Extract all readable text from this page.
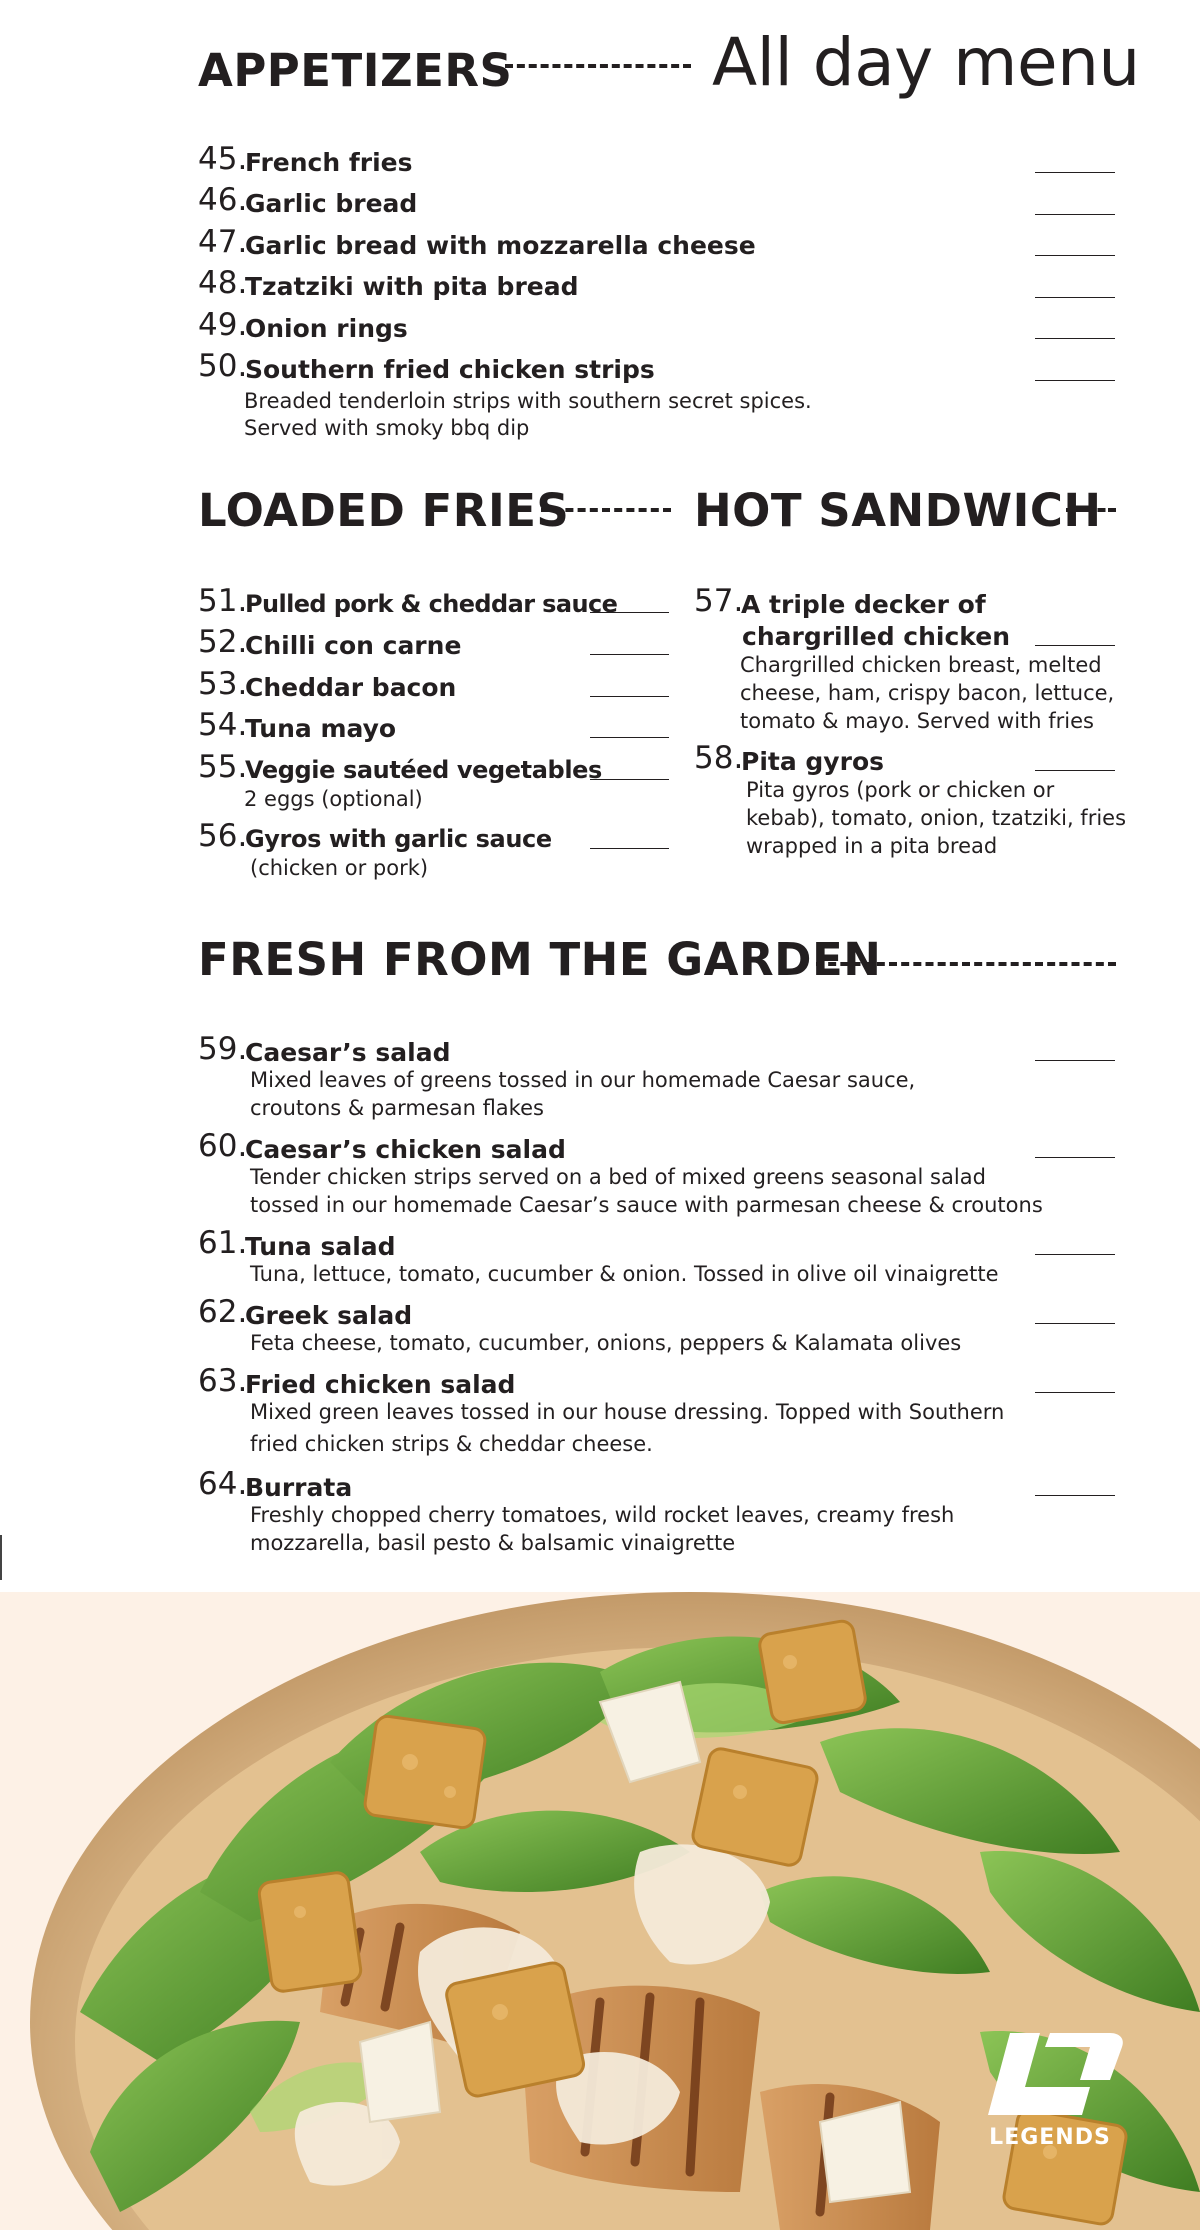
APPETIZERS	All day menu
45.
French fries
46.
Garlic bread
47.
Garlic bread with mozzarella cheese
48.
Tzatziki with pita bread
49.
Onion rings
50.
Southern fried chicken strips
Breaded tenderloin strips with southern secret spices.
Served with smoky bbq dip
LOADED FRIES	HOT SANDWICH
51.
Pulled pork & cheddar sauce
52.
Chilli con carne
53.
Cheddar bacon
54.
Tuna mayo
55.
Veggie sautéed vegetables
2 eggs (optional)
56.
Gyros with garlic sauce
(chicken or pork)
57.
A triple decker of
chargrilled chicken
Chargrilled chicken breast, melted
cheese, ham, crispy bacon, lettuce,
tomato & mayo. Served with fries
58.
Pita gyros
Pita gyros (pork or chicken or
kebab), tomato, onion, tzatziki, fries
wrapped in a pita bread
FRESH FROM THE GARDEN
59.
Caesar’s salad
Mixed leaves of greens tossed in our homemade Caesar sauce,
croutons & parmesan flakes
60.
Caesar’s chicken salad
Tender chicken strips served on a bed of mixed greens seasonal salad
tossed in our homemade Caesar’s sauce with parmesan cheese & croutons
61.
Tuna salad
Tuna, lettuce, tomato, cucumber & onion. Tossed in olive oil vinaigrette
62.
Greek salad
Feta cheese, tomato, cucumber, onions, peppers & Kalamata olives
63.
Fried chicken salad
Mixed green leaves tossed in our house dressing. Topped with Southern
fried chicken strips & cheddar cheese.
64.
Burrata
Freshly chopped cherry tomatoes, wild rocket leaves, creamy fresh
mozzarella, basil pesto & balsamic vinaigrette
LEGENDS
